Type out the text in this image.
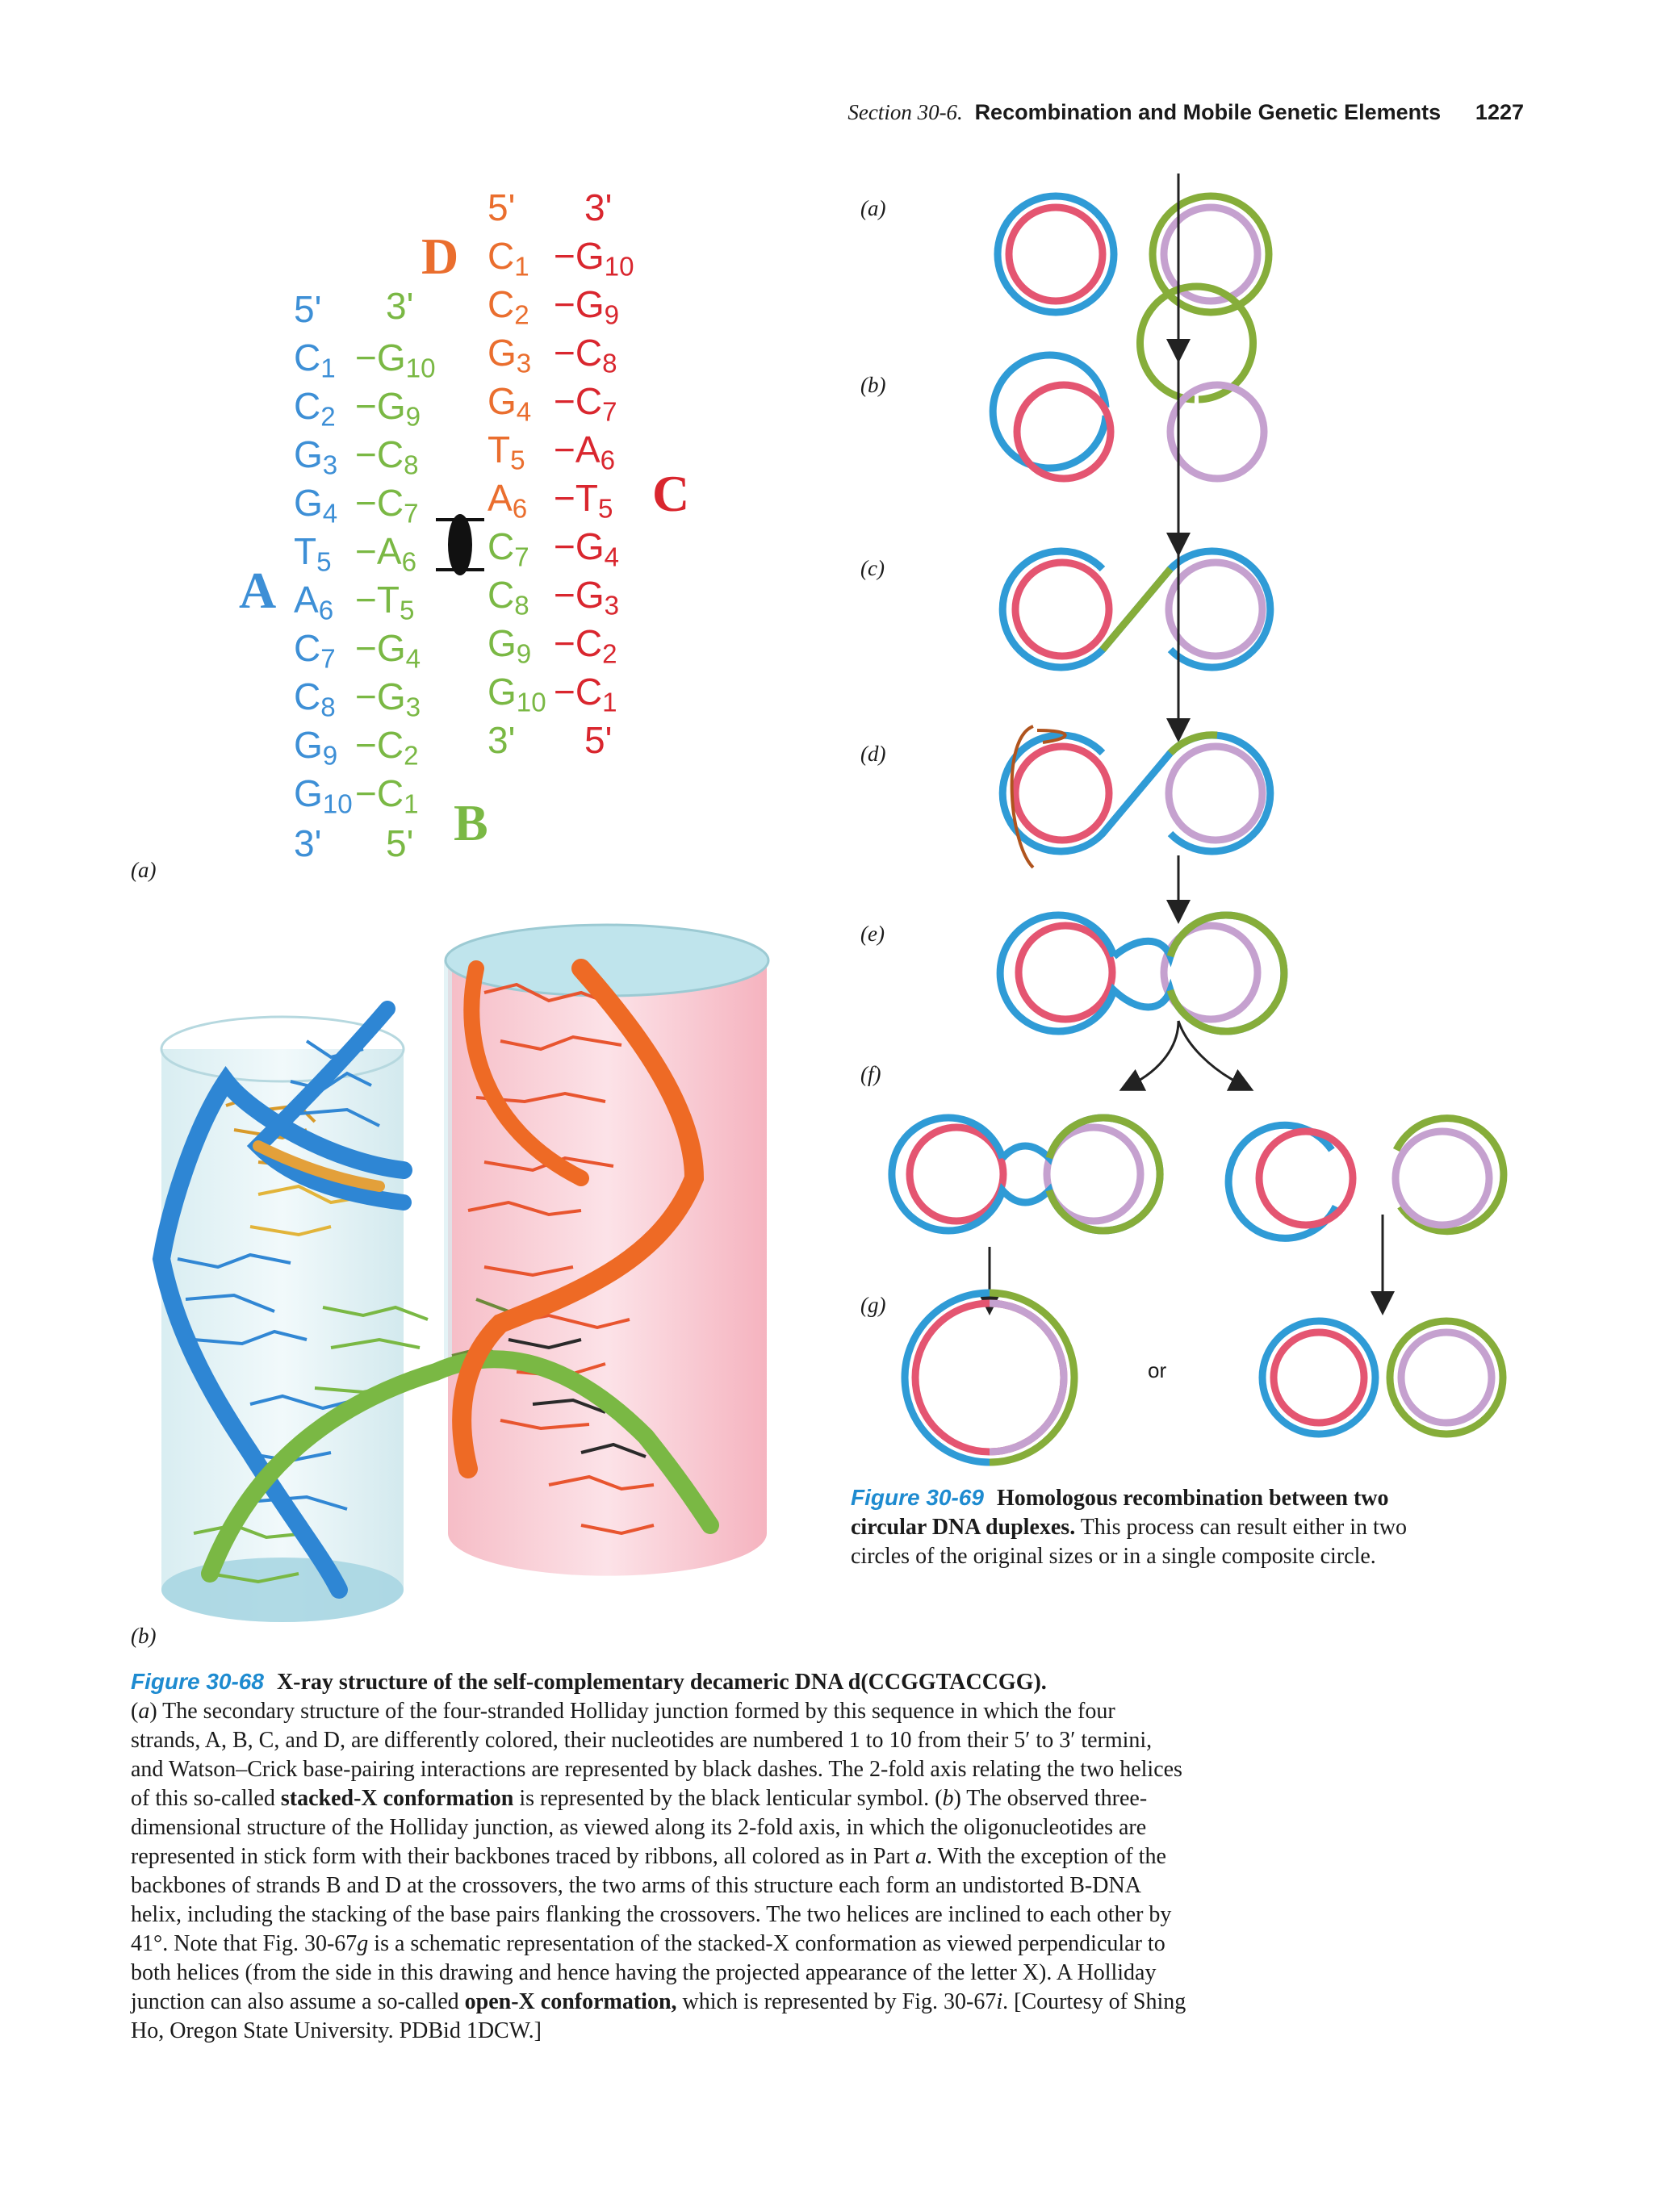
Section 30-6. Recombination and Mobile Genetic Elements 1227
(a)
D
C
A
B
5' 3'
5' 3'
$C_1$
$C_2$
$G_3$
$G_4$
$T_5$
$A_6$
$C_7$
$C_8$
$G_9$
$G_{10}$
3'
$-G_{10}$
$-G_9$
$-C_8$
$-C_7$
$-A_6$
$-T_5$
$-G_4$
$-G_3$
$-C_2$
$-C_1$
5'
$C_1$
$C_2$
$G_3$
$G_4$
$T_5$
$A_6$
$C_7$
$C_8$
$G_9$
$G_{10}$
3'
$-G_{10}$
$-G_9$
$-C_8$
$-C_7$
$-A_6$
$-T_5$
$-G_4$
$-G_3$
$-C_2$
$-C_1$
5'
(b)
(a)
(b)
(c)
(d)
(e)
(f)
(g)
or
Figure 30-69 Homologous recombination between two circular DNA duplexes. This process can result either in two circles of the original sizes or in a single composite circle.
Figure 30-68 X-ray structure of the self-complementary decameric DNA d(CCGGTACCGG).
(a) The secondary structure of the four-stranded Holliday junction formed by this sequence in which the four strands, A, B, C, and D, are differently colored, their nucleotides are numbered 1 to 10 from their 5′ to 3′ termini, and Watson–Crick base-pairing interactions are represented by black dashes. The 2-fold axis relating the two helices of this so-called stacked-X conformation is represented by the black lenticular symbol. (b) The observed three-dimensional structure of the Holliday junction, as viewed along its 2-fold axis, in which the oligonucleotides are represented in stick form with their backbones traced by ribbons, all colored as in Part a. With the exception of the backbones of strands B and D at the crossovers, the two arms of this structure each form an undistorted B-DNA helix, including the stacking of the base pairs flanking the crossovers. The two helices are inclined to each other by 41°. Note that Fig. 30-67g is a schematic representation of the stacked-X conformation as viewed perpendicular to both helices (from the side in this drawing and hence having the projected appearance of the letter X). A Holliday junction can also assume a so-called open-X conformation, which is represented by Fig. 30-67i. [Courtesy of Shing Ho, Oregon State University. PDBid 1DCW.]
